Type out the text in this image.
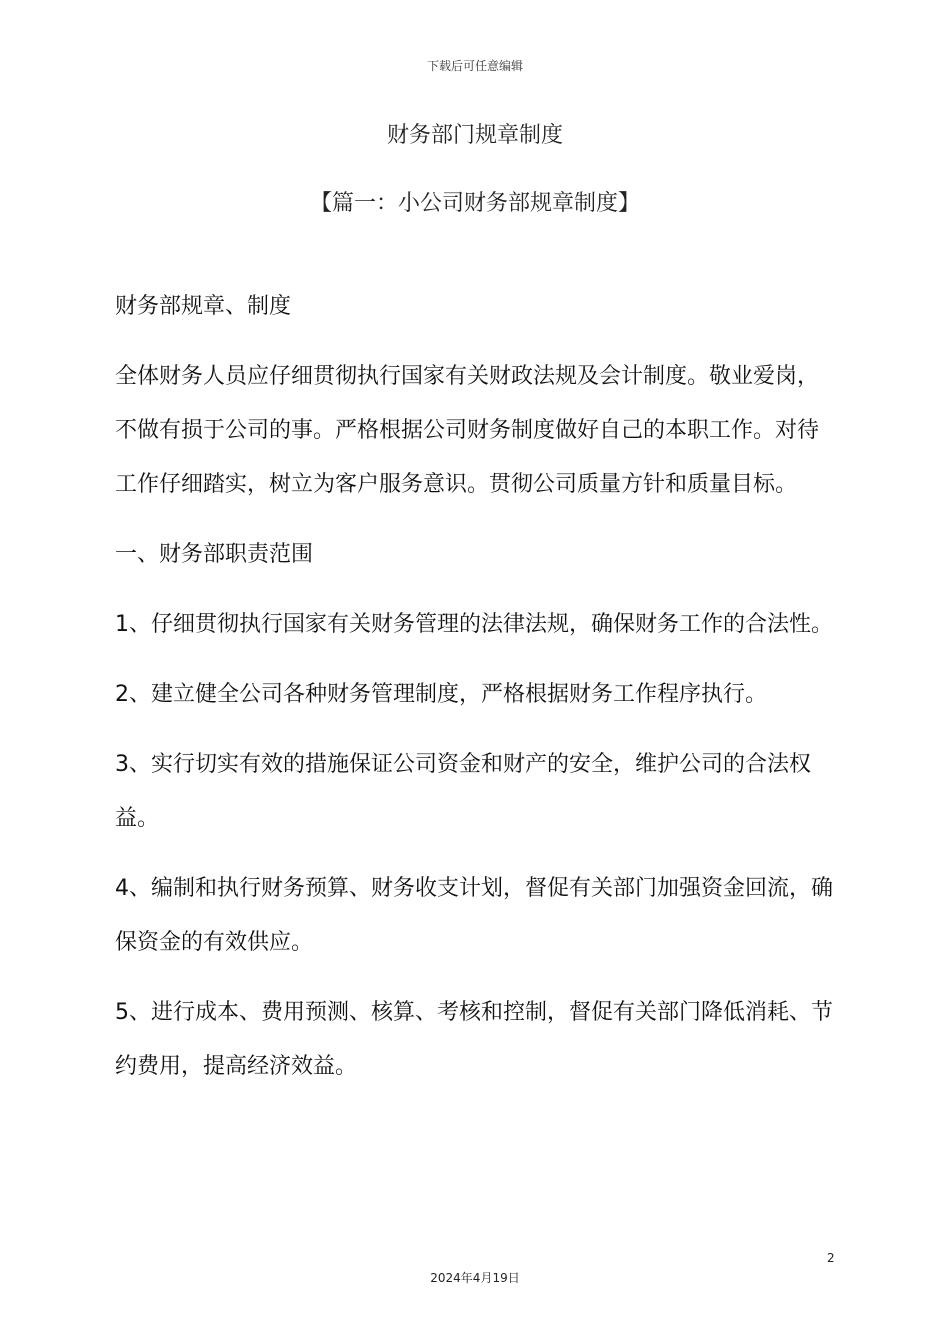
下载后可任意编辑
财务部门规章制度
【篇一：小公司财务部规章制度】

财务部规章、制度

全体财务人员应仔细贯彻执行国家有关财政法规及会计制度。敬业爱岗，不做有损于公司的事。严格根据公司财务制度做好自己的本职工作。对待工作仔细踏实，树立为客户服务意识。贯彻公司质量方针和质量目标。

一、财务部职责范围

1、仔细贯彻执行国家有关财务管理的法律法规，确保财务工作的合法性。

2、建立健全公司各种财务管理制度，严格根据财务工作程序执行。

3、实行切实有效的措施保证公司资金和财产的安全，维护公司的合法权益。

4、编制和执行财务预算、财务收支计划，督促有关部门加强资金回流，确保资金的有效供应。

5、进行成本、费用预测、核算、考核和控制，督促有关部门降低消耗、节约费用，提高经济效益。

2
2024年4月19日
